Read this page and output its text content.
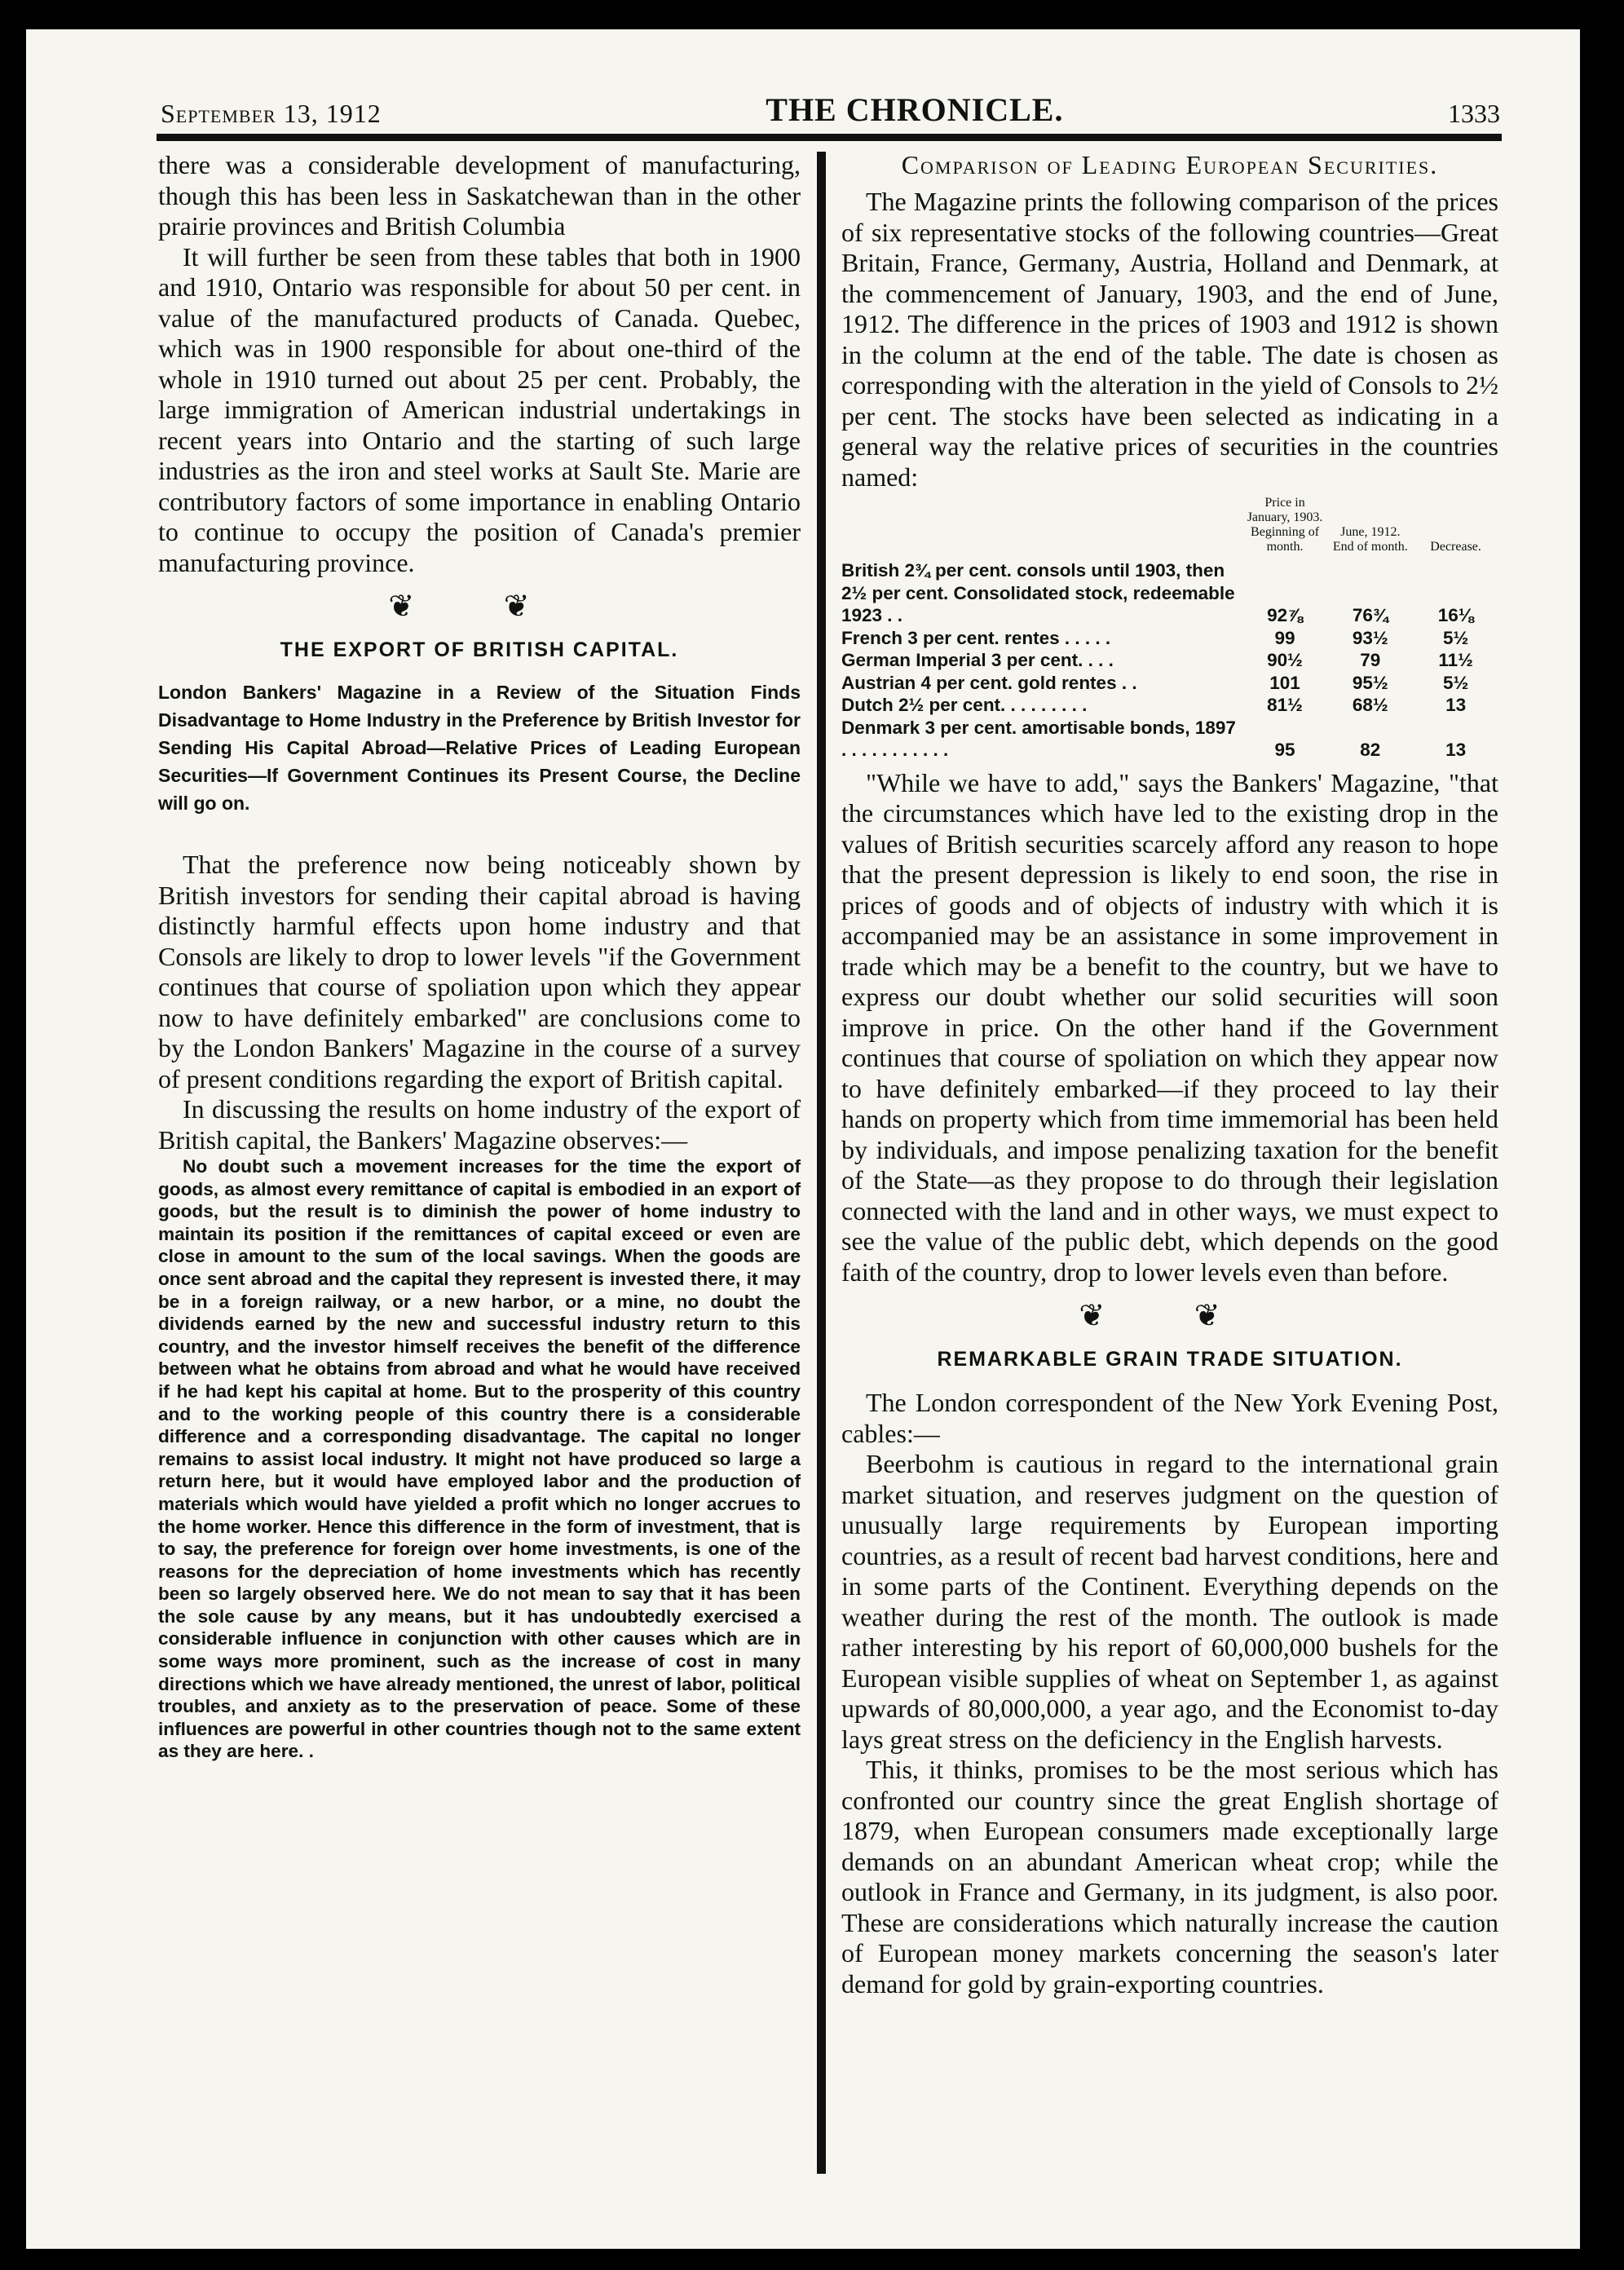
September 13, 1912	THE CHRONICLE.	1333

there was a considerable development of manufacturing, though this has been less in Saskatchewan than in the other prairie provinces and British Columbia

It will further be seen from these tables that both in 1900 and 1910, Ontario was responsible for about 50 per cent. in value of the manufactured products of Canada. Quebec, which was in 1900 responsible for about one-third of the whole in 1910 turned out about 25 per cent. Probably, the large immigration of American industrial undertakings in recent years into Ontario and the starting of such large industries as the iron and steel works at Sault Ste. Marie are contributory factors of some importance in enabling Ontario to continue to occupy the position of Canada's premier manufacturing province.

❦ ❦
THE EXPORT OF BRITISH CAPITAL.
London Bankers' Magazine in a Review of the Situation Finds Disadvantage to Home Industry in the Preference by British Investor for Sending His Capital Abroad—Relative Prices of Leading European Securities—If Government Continues its Present Course, the Decline will go on.

That the preference now being noticeably shown by British investors for sending their capital abroad is having distinctly harmful effects upon home industry and that Consols are likely to drop to lower levels "if the Government continues that course of spoliation upon which they appear now to have definitely embarked" are conclusions come to by the London Bankers' Magazine in the course of a survey of present conditions regarding the export of British capital.

In discussing the results on home industry of the export of British capital, the Bankers' Magazine observes:—

No doubt such a movement increases for the time the export of goods, as almost every remittance of capital is embodied in an export of goods, but the result is to diminish the power of home industry to maintain its position if the remittances of capital exceed or even are close in amount to the sum of the local savings. When the goods are once sent abroad and the capital they represent is invested there, it may be in a foreign railway, or a new harbor, or a mine, no doubt the dividends earned by the new and successful industry return to this country, and the investor himself receives the benefit of the difference between what he obtains from abroad and what he would have received if he had kept his capital at home. But to the prosperity of this country and to the working people of this country there is a considerable difference and a corresponding disadvantage. The capital no longer remains to assist local industry. It might not have produced so large a return here, but it would have employed labor and the production of materials which would have yielded a profit which no longer accrues to the home worker. Hence this difference in the form of investment, that is to say, the preference for foreign over home investments, is one of the reasons for the depreciation of home investments which has recently been so largely observed here. We do not mean to say that it has been the sole cause by any means, but it has undoubtedly exercised a considerable influence in conjunction with other causes which are in some ways more prominent, such as the increase of cost in many directions which we have already mentioned, the unrest of labor, political troubles, and anxiety as to the preservation of peace. Some of these influences are powerful in other countries though not to the same extent as they are here. .

Comparison of Leading European Securities.

The Magazine prints the following comparison of the prices of six representative stocks of the following countries—Great Britain, France, Germany, Austria, Holland and Denmark, at the commencement of January, 1903, and the end of June, 1912. The difference in the prices of 1903 and 1912 is shown in the column at the end of the table. The date is chosen as corresponding with the alteration in the yield of Consols to 2½ per cent. The stocks have been selected as indicating in a general way the relative prices of securities in the countries named:

	Price in January, 1903. Beginning of month.	June, 1912. End of month.	Decrease.
British 2¾ per cent. consols until 1903, then 2½ per cent. Consolidated stock, redeemable 1923 . .	92⅞	76¾	16⅛
French 3 per cent. rentes . . . . .	99	93½	5½
German Imperial 3 per cent. . . .	90½	79	11½
Austrian 4 per cent. gold rentes . .	101	95½	5½
Dutch 2½ per cent. . . . . . . . .	81½	68½	13
Denmark 3 per cent. amortisable bonds, 1897 . . . . . . . . . . .	95	82	13

"While we have to add," says the Bankers' Magazine, "that the circumstances which have led to the existing drop in the values of British securities scarcely afford any reason to hope that the present depression is likely to end soon, the rise in prices of goods and of objects of industry with which it is accompanied may be an assistance in some improvement in trade which may be a benefit to the country, but we have to express our doubt whether our solid securities will soon improve in price. On the other hand if the Government continues that course of spoliation on which they appear now to have definitely embarked—if they proceed to lay their hands on property which from time immemorial has been held by individuals, and impose penalizing taxation for the benefit of the State—as they propose to do through their legislation connected with the land and in other ways, we must expect to see the value of the public debt, which depends on the good faith of the country, drop to lower levels even than before.

❦ ❦
REMARKABLE GRAIN TRADE SITUATION.

The London correspondent of the New York Evening Post, cables:—

Beerbohm is cautious in regard to the international grain market situation, and reserves judgment on the question of unusually large requirements by European importing countries, as a result of recent bad harvest conditions, here and in some parts of the Continent. Everything depends on the weather during the rest of the month. The outlook is made rather interesting by his report of 60,000,000 bushels for the European visible supplies of wheat on September 1, as against upwards of 80,000,000, a year ago, and the Economist to-day lays great stress on the deficiency in the English harvests.

This, it thinks, promises to be the most serious which has confronted our country since the great English shortage of 1879, when European consumers made exceptionally large demands on an abundant American wheat crop; while the outlook in France and Germany, in its judgment, is also poor. These are considerations which naturally increase the caution of European money markets concerning the season's later demand for gold by grain-exporting countries.
